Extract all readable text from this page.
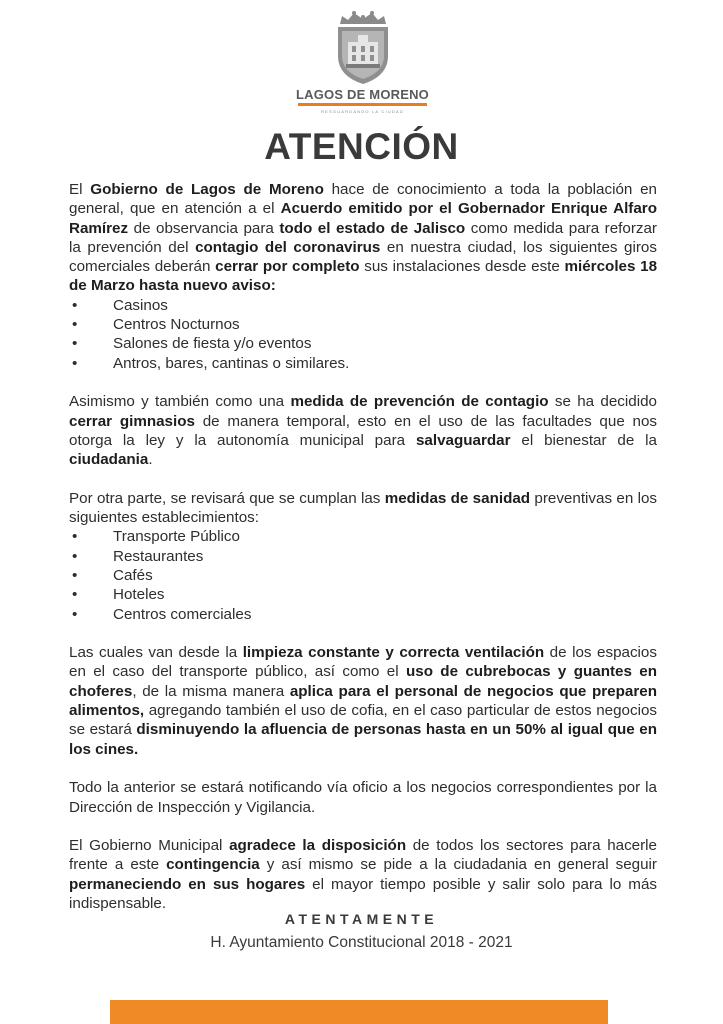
LAGOS DE MORENO
RESGUARDANDO LA CIUDAD
ATENCIÓN

El Gobierno de Lagos de Moreno hace de conocimiento a toda la población en general, que en atención a el Acuerdo emitido por el Gobernador Enrique Alfaro Ramírez de observancia para todo el estado de Jalisco como medida para reforzar la prevención del contagio del coronavirus en nuestra ciudad, los siguientes giros comerciales deberán cerrar por completo sus instalaciones desde este miércoles 18 de Marzo hasta nuevo aviso:

• Casinos
• Centros Nocturnos
• Salones de fiesta y/o eventos
• Antros, bares, cantinas o similares.

Asimismo y también como una medida de prevención de contagio se ha decidido cerrar gimnasios de manera temporal, esto en el uso de las facultades que nos otorga la ley y la autonomía municipal para salvaguardar el bienestar de la ciudadania.

Por otra parte, se revisará que se cumplan las medidas de sanidad preventivas en los siguientes establecimientos:

• Transporte Público
• Restaurantes
• Cafés
• Hoteles
• Centros comerciales

Las cuales van desde la limpieza constante y correcta ventilación de los espacios en el caso del transporte público, así como el uso de cubrebocas y guantes en choferes, de la misma manera aplica para el personal de negocios que preparen alimentos, agregando también el uso de cofia, en el caso particular de estos negocios se estará disminuyendo la afluencia de personas hasta en un 50% al igual que en los cines.

Todo la anterior se estará notificando vía oficio a los negocios correspondientes por la Dirección de Inspección y Vigilancia.

El Gobierno Municipal agradece la disposición de todos los sectores para hacerle frente a este contingencia y así mismo se pide a la ciudadania en general seguir permaneciendo en sus hogares el mayor tiempo posible y salir solo para lo más indispensable.

ATENTAMENTE
H. Ayuntamiento Constitucional 2018 - 2021
